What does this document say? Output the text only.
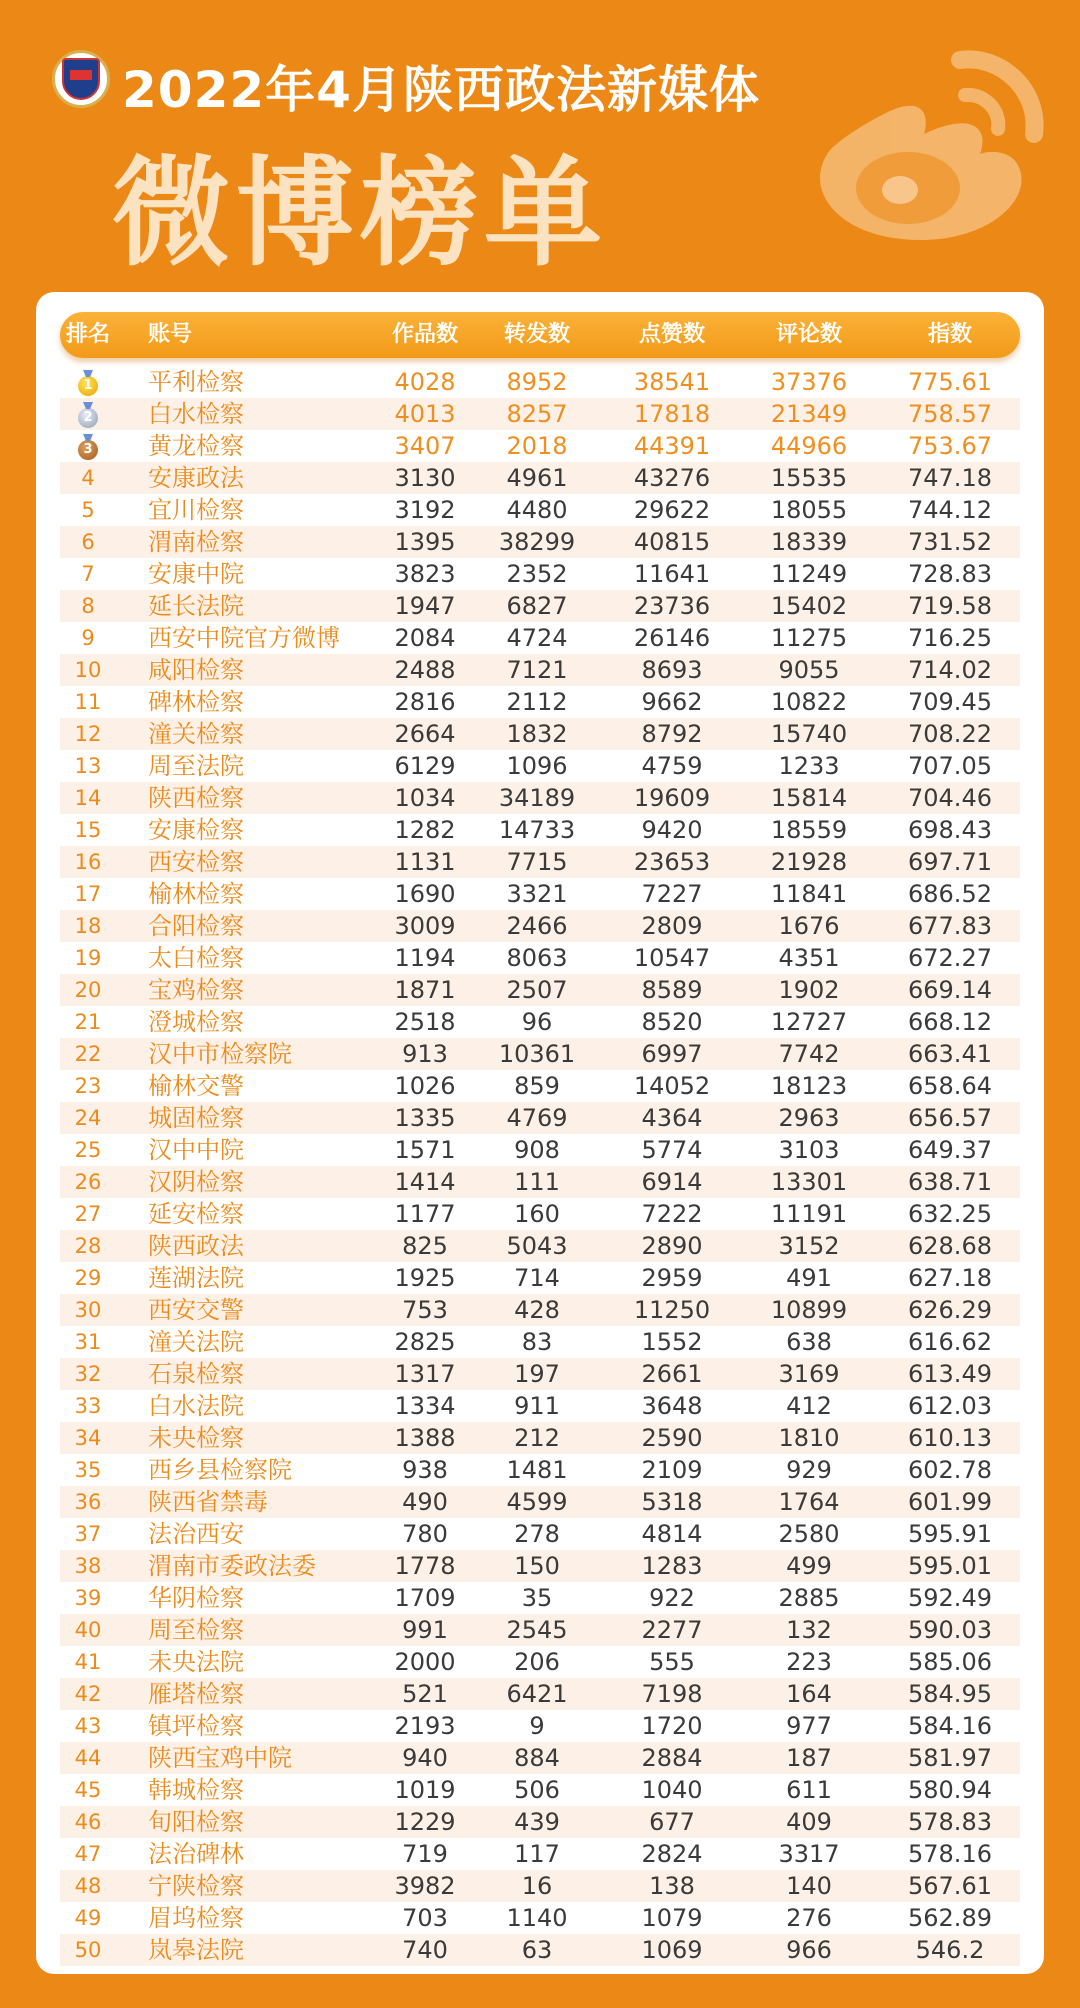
2022年4月陕西政法新媒体
微博榜单
排名 账号	作品数	转发数	点赞数	评论数	指数
1	平利检察	4028	8952	38541	37376	775.61
2	白水检察	4013	8257	17818	21349	758.57
3	黄龙检察	3407	2018	44391	44966	753.67
4	安康政法	3130	4961	43276	15535	747.18
5	宜川检察	3192	4480	29622	18055	744.12
6	渭南检察	1395	38299	40815	18339	731.52
7	安康中院	3823	2352	11641	11249	728.83
8	延长法院	1947	6827	23736	15402	719.58
9	西安中院官方微博	2084	4724	26146	11275	716.25
10	咸阳检察	2488	7121	8693	9055	714.02
11	碑林检察	2816	2112	9662	10822	709.45
12	潼关检察	2664	1832	8792	15740	708.22
13	周至法院	6129	1096	4759	1233	707.05
14	陕西检察	1034	34189	19609	15814	704.46
15	安康检察	1282	14733	9420	18559	698.43
16	西安检察	1131	7715	23653	21928	697.71
17	榆林检察	1690	3321	7227	11841	686.52
18	合阳检察	3009	2466	2809	1676	677.83
19	太白检察	1194	8063	10547	4351	672.27
20	宝鸡检察	1871	2507	8589	1902	669.14
21	澄城检察	2518	96	8520	12727	668.12
22	汉中市检察院	913	10361	6997	7742	663.41
23	榆林交警	1026	859	14052	18123	658.64
24	城固检察	1335	4769	4364	2963	656.57
25	汉中中院	1571	908	5774	3103	649.37
26	汉阴检察	1414	111	6914	13301	638.71
27	延安检察	1177	160	7222	11191	632.25
28	陕西政法	825	5043	2890	3152	628.68
29	莲湖法院	1925	714	2959	491	627.18
30	西安交警	753	428	11250	10899	626.29
31	潼关法院	2825	83	1552	638	616.62
32	石泉检察	1317	197	2661	3169	613.49
33	白水法院	1334	911	3648	412	612.03
34	未央检察	1388	212	2590	1810	610.13
35	西乡县检察院	938	1481	2109	929	602.78
36	陕西省禁毒	490	4599	5318	1764	601.99
37	法治西安	780	278	4814	2580	595.91
38	渭南市委政法委	1778	150	1283	499	595.01
39	华阴检察	1709	35	922	2885	592.49
40	周至检察	991	2545	2277	132	590.03
41	未央法院	2000	206	555	223	585.06
42	雁塔检察	521	6421	7198	164	584.95
43	镇坪检察	2193	9	1720	977	584.16
44	陕西宝鸡中院	940	884	2884	187	581.97
45	韩城检察	1019	506	1040	611	580.94
46	旬阳检察	1229	439	677	409	578.83
47	法治碑林	719	117	2824	3317	578.16
48	宁陕检察	3982	16	138	140	567.61
49	眉坞检察	703	1140	1079	276	562.89
50	岚皋法院	740	63	1069	966	546.2
